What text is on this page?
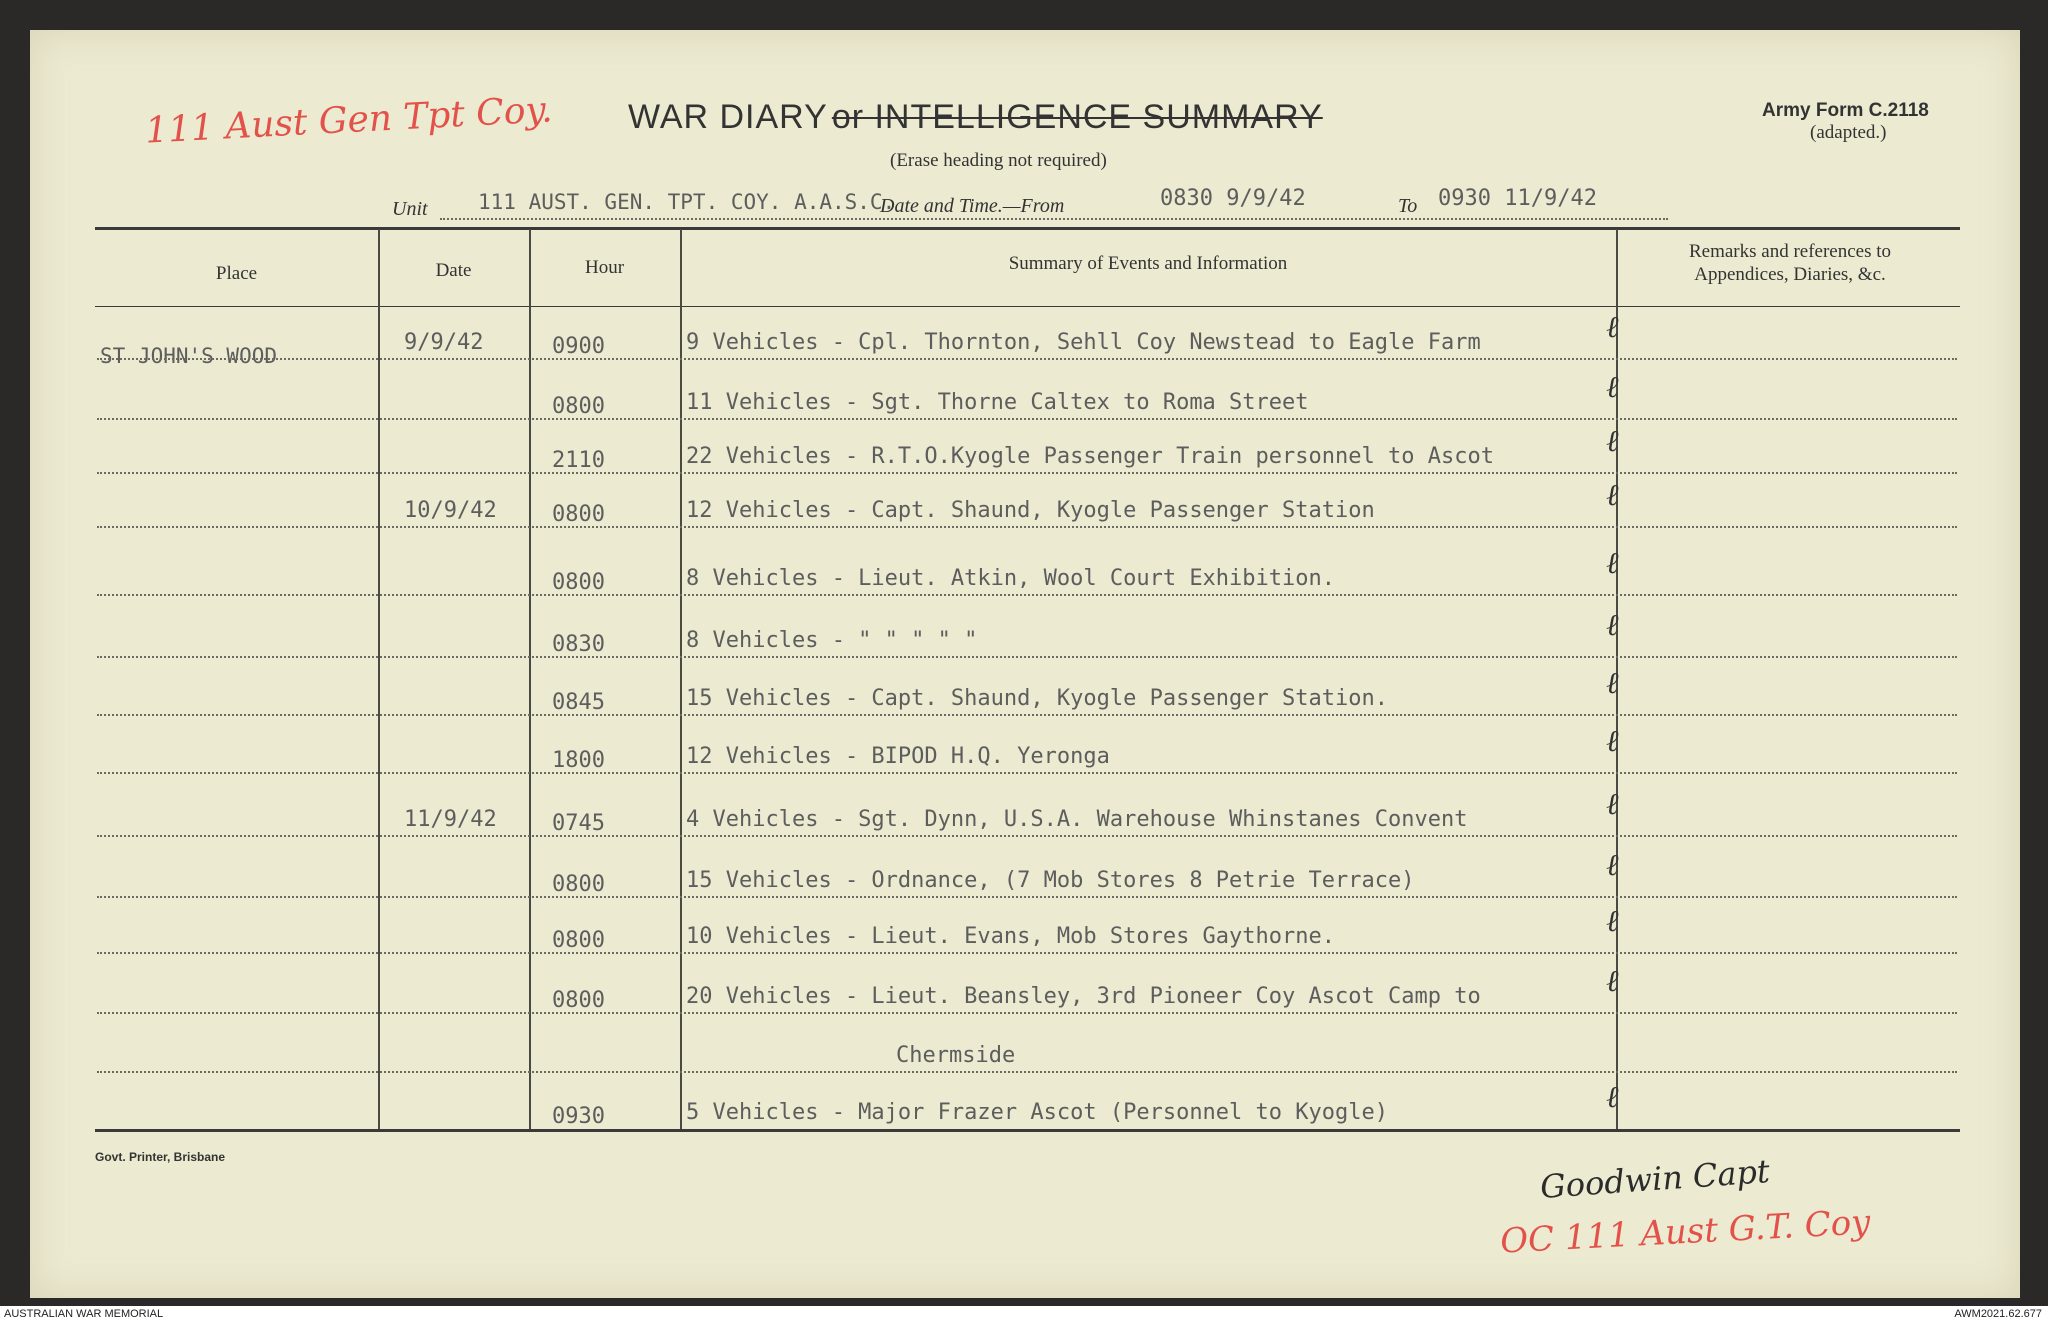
111 Aust Gen Tpt Coy. WAR DIARY or INTELLIGENCE SUMMARY
(Erase heading not required)
Army Form C.2118
(adapted.)
Unit 111 AUST. GEN. TPT. COY. A.A.S.C.
Date and Time.—From	0830 9/9/42	To 0930 11/9/42
Place	Date	Hour	Summary of Events and Information
Remarks and references to Appendices, Diaries, &c.
ST JOHN'S WOOD
9/9/42	0900	9 Vehicles - Cpl. Thornton, Sehll Coy Newstead to Eagle Farm	ℓ
0800	11 Vehicles - Sgt. Thorne Caltex to Roma Street	ℓ
2110	22 Vehicles - R.T.O.Kyogle Passenger Train personnel to Ascot	ℓ
10/9/42	0800	12 Vehicles - Capt. Shaund, Kyogle Passenger Station	ℓ
0800	8 Vehicles - Lieut. Atkin, Wool Court Exhibition.	ℓ
0830	8 Vehicles - " " " " "	ℓ
0845	15 Vehicles - Capt. Shaund, Kyogle Passenger Station.	ℓ
1800	12 Vehicles - BIPOD H.Q. Yeronga	ℓ
11/9/42	0745	4 Vehicles - Sgt. Dynn, U.S.A. Warehouse Whinstanes Convent	ℓ
0800	15 Vehicles - Ordnance, (7 Mob Stores 8 Petrie Terrace)	ℓ
0800	10 Vehicles - Lieut. Evans, Mob Stores Gaythorne.	ℓ
0800	20 Vehicles - Lieut. Beansley, 3rd Pioneer Coy Ascot Camp to	ℓ
Chermside
0930	5 Vehicles - Major Frazer Ascot (Personnel to Kyogle)	ℓ
Govt. Printer, Brisbane	Goodwin Capt
OC 111 Aust G.T. Coy
AUSTRALIAN WAR MEMORIAL	AWM2021.62.677
